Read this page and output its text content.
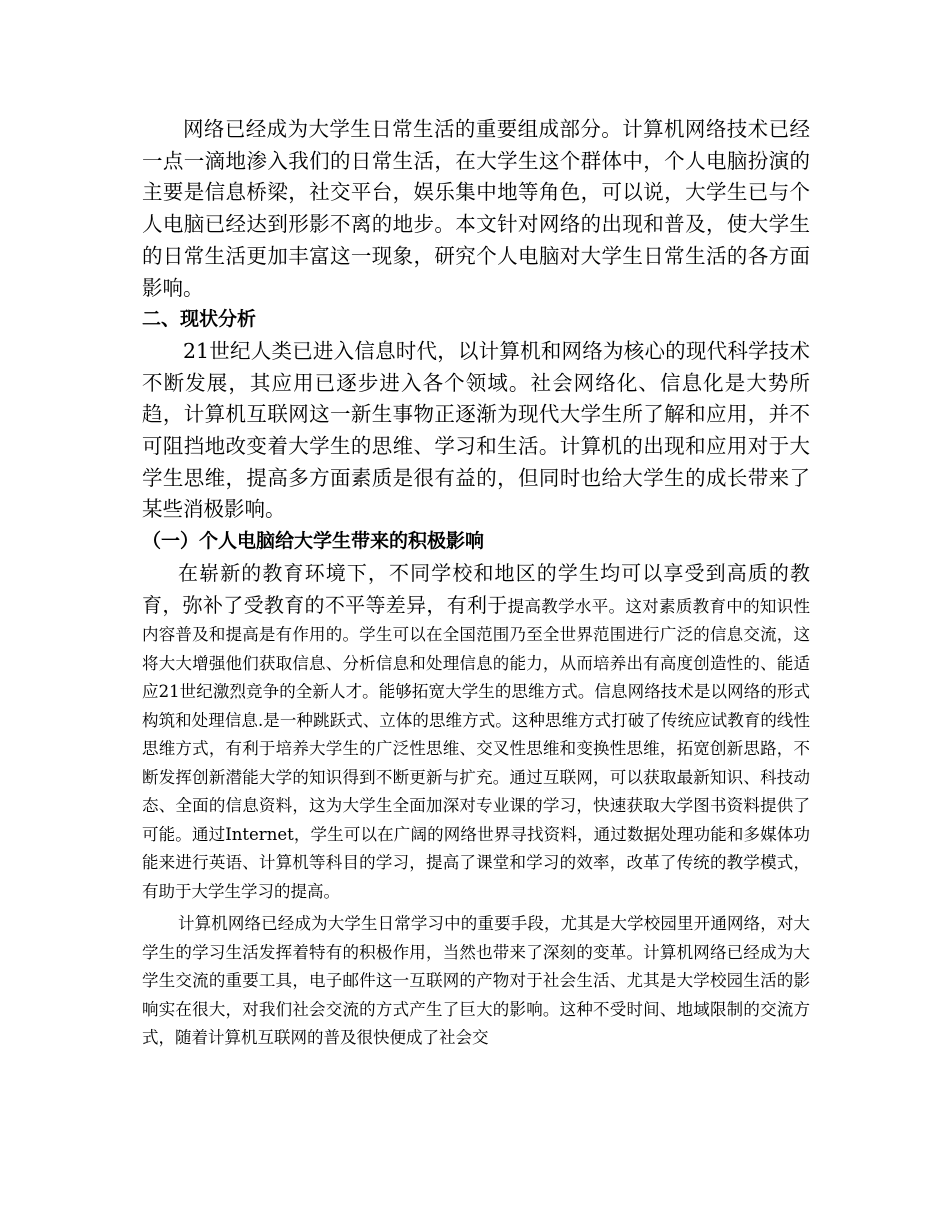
网络已经成为大学生日常生活的重要组成部分。计算机网络技术已经一点一滴地渗入我们的日常生活，在大学生这个群体中，个人电脑扮演的主要是信息桥梁，社交平台，娱乐集中地等角色，可以说，大学生已与个人电脑已经达到形影不离的地步。本文针对网络的出现和普及，使大学生的日常生活更加丰富这一现象，研究个人电脑对大学生日常生活的各方面影响。

二、现状分析

21世纪人类已进入信息时代，以计算机和网络为核心的现代科学技术不断发展，其应用已逐步进入各个领域。社会网络化、信息化是大势所趋，计算机互联网这一新生事物正逐渐为现代大学生所了解和应用，并不可阻挡地改变着大学生的思维、学习和生活。计算机的出现和应用对于大学生思维，提高多方面素质是很有益的，但同时也给大学生的成长带来了某些消极影响。

（一）个人电脑给大学生带来的积极影响

在崭新的教育环境下，不同学校和地区的学生均可以享受到高质的教育，弥补了受教育的不平等差异，有利于提高教学水平。这对素质教育中的知识性内容普及和提高是有作用的。学生可以在全国范围乃至全世界范围进行广泛的信息交流，这将大大增强他们获取信息、分析信息和处理信息的能力，从而培养出有高度创造性的、能适应21世纪激烈竞争的全新人才。能够拓宽大学生的思维方式。信息网络技术是以网络的形式构筑和处理信息.是一种跳跃式、立体的思维方式。这种思维方式打破了传统应试教育的线性思维方式，有利于培养大学生的广泛性思维、交叉性思维和变换性思维，拓宽创新思路，不断发挥创新潜能大学的知识得到不断更新与扩充。通过互联网，可以获取最新知识、科技动态、全面的信息资料，这为大学生全面加深对专业课的学习，快速获取大学图书资料提供了可能。通过Internet，学生可以在广阔的网络世界寻找资料，通过数据处理功能和多媒体功能来进行英语、计算机等科目的学习，提高了课堂和学习的效率，改革了传统的教学模式，有助于大学生学习的提高。

计算机网络已经成为大学生日常学习中的重要手段，尤其是大学校园里开通网络，对大学生的学习生活发挥着特有的积极作用，当然也带来了深刻的变革。计算机网络已经成为大学生交流的重要工具，电子邮件这一互联网的产物对于社会生活、尤其是大学校园生活的影响实在很大，对我们社会交流的方式产生了巨大的影响。这种不受时间、地域限制的交流方式，随着计算机互联网的普及很快便成了社会交
